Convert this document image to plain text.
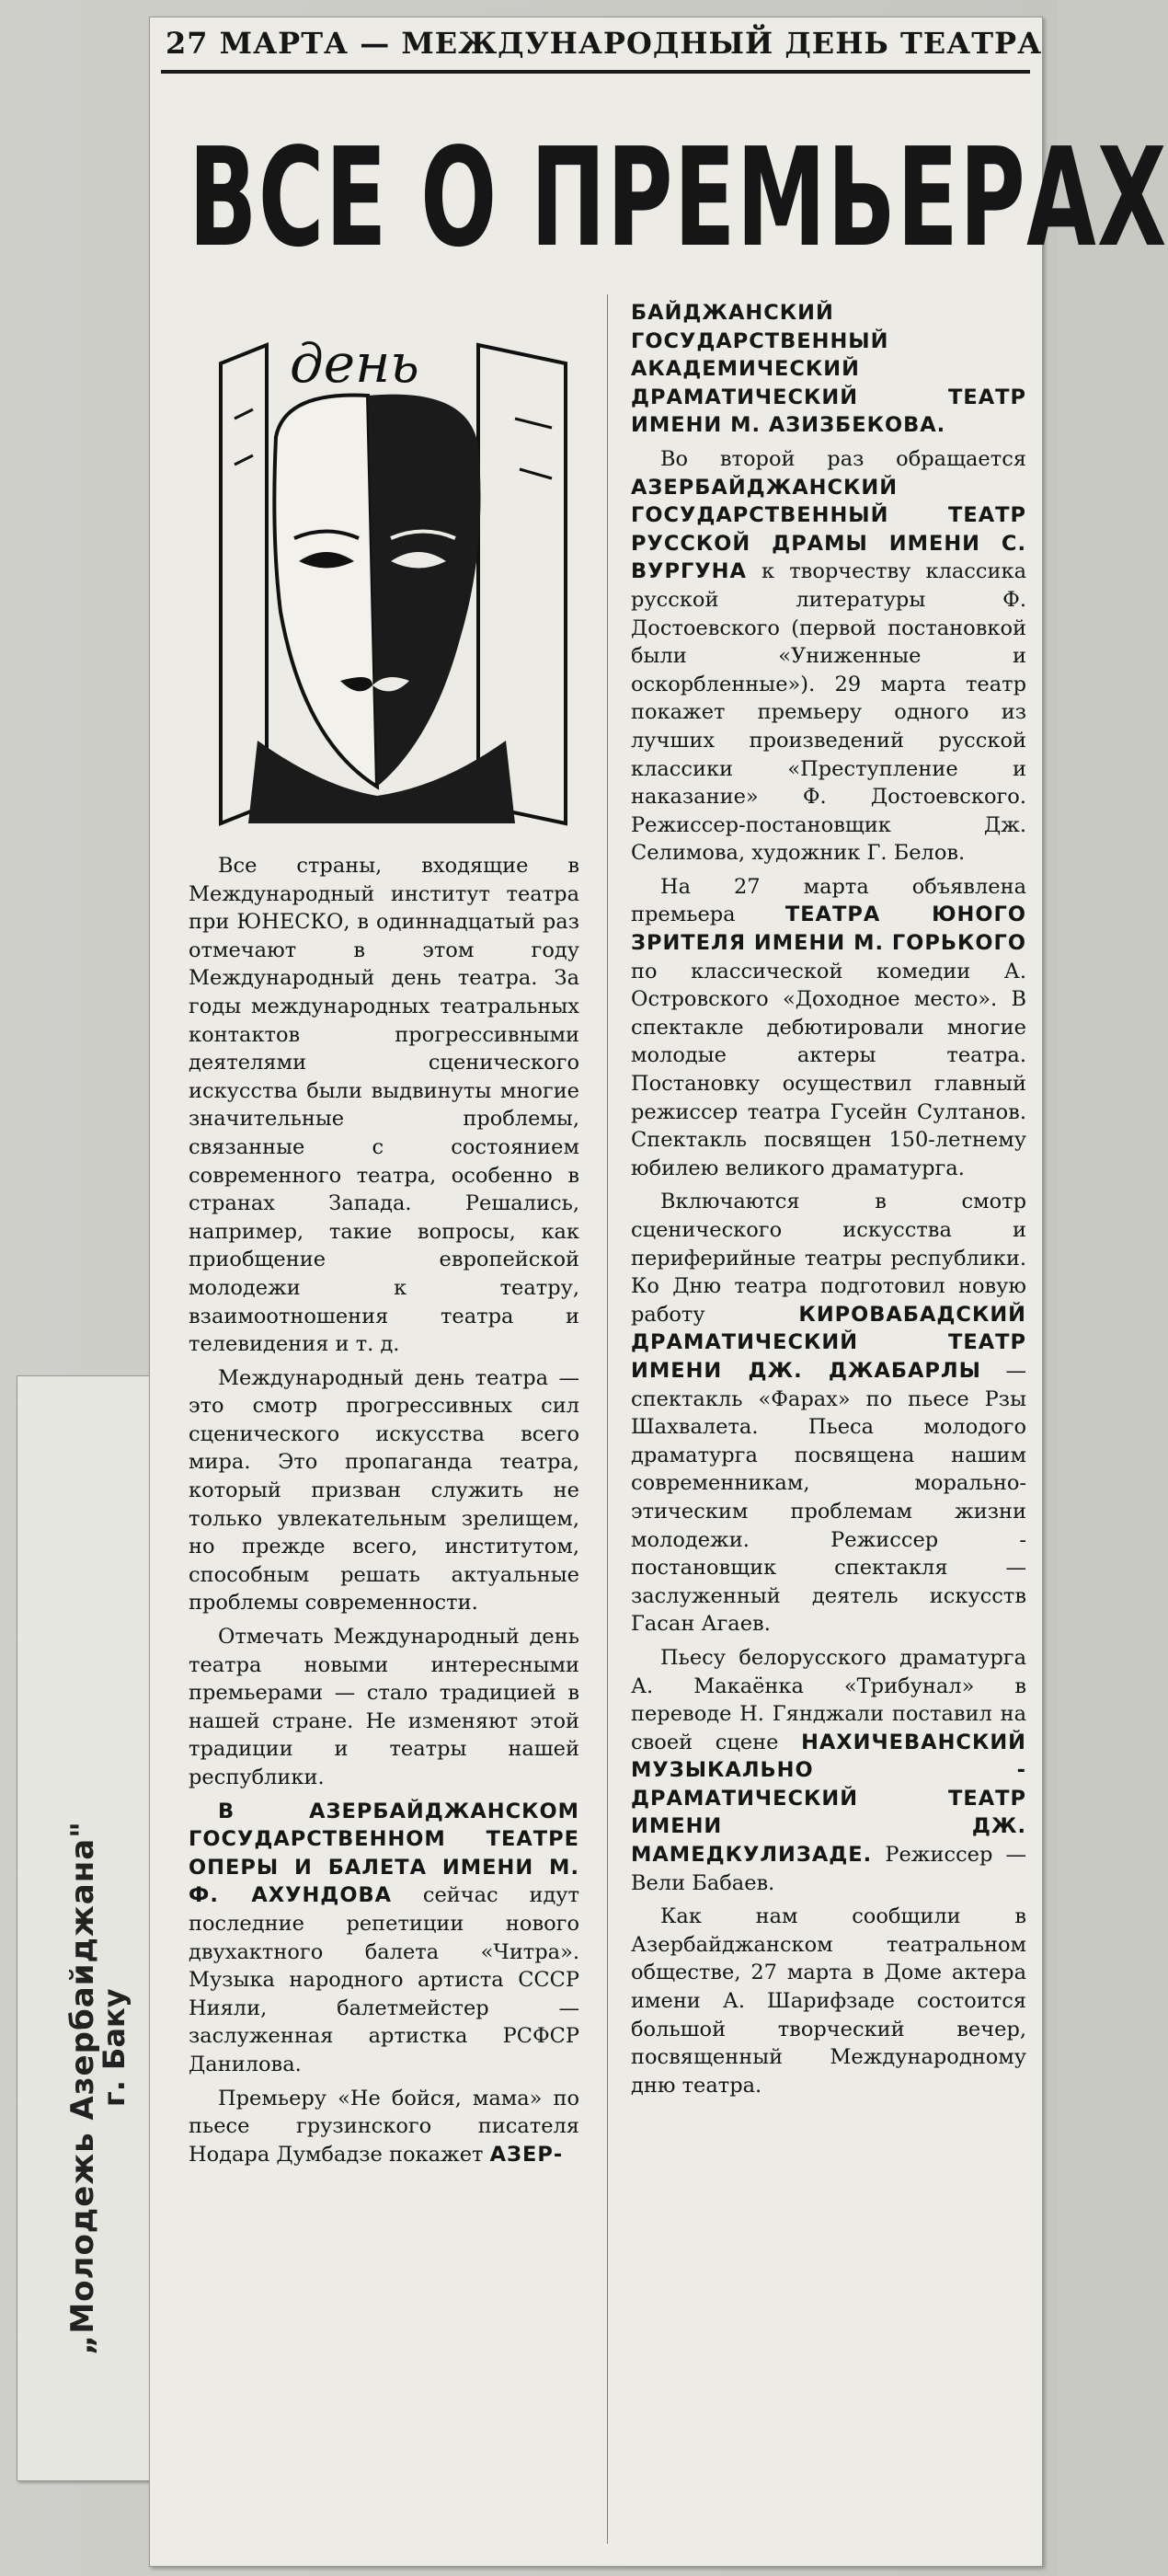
„Молодежь Азербайджана"
г. Баку
27 МАРТА — МЕЖДУНАРОДНЫЙ ДЕНЬ ТЕАТРА
ВСЕ О ПРЕМЬЕРАХ
день

Все страны, входящие в Международный институт театра при ЮНЕСКО, в одиннадцатый раз отмечают в этом году Международный день театра. За годы международных театральных контактов прогрессивными деятелями сценического искусства были выдвинуты многие значительные проблемы, связанные с состоянием современного театра, особенно в странах Запада. Решались, например, такие вопросы, как приобщение европейской молодежи к театру, взаимоотношения театра и телевидения и т. д.

Международный день театра — это смотр прогрессивных сил сценического искусства всего мира. Это пропаганда театра, который призван служить не только увлекательным зрелищем, но прежде всего, институтом, способным решать актуальные проблемы современности.

Отмечать Международный день театра новыми интересными премьерами — стало традицией в нашей стране. Не изменяют этой традиции и театры нашей республики.

В АЗЕРБАЙДЖАНСКОМ ГОСУДАРСТВЕННОМ ТЕАТРЕ ОПЕРЫ И БАЛЕТА ИМЕНИ М. Ф. АХУНДОВА сейчас идут последние репетиции нового двухактного балета «Читра». Музыка народного артиста СССР Нияли, балетмейстер — заслуженная артистка РСФСР Данилова.

Премьеру «Не бойся, мама» по пьесе грузинского писателя Нодара Думбадзе покажет АЗЕР-

БАЙДЖАНСКИЙ ГОСУДАРСТВЕННЫЙ АКАДЕМИЧЕСКИЙ ДРАМАТИЧЕСКИЙ ТЕАТР ИМЕНИ М. АЗИЗБЕКОВА.

Во второй раз обращается АЗЕРБАЙДЖАНСКИЙ ГОСУДАРСТВЕННЫЙ ТЕАТР РУССКОЙ ДРАМЫ ИМЕНИ С. ВУРГУНА к творчеству классика русской литературы Ф. Достоевского (первой постановкой были «Униженные и оскорбленные»). 29 марта театр покажет премьеру одного из лучших произведений русской классики «Преступление и наказание» Ф. Достоевского. Режиссер-постановщик Дж. Селимова, художник Г. Белов.

На 27 марта объявлена премьера ТЕАТРА ЮНОГО ЗРИТЕЛЯ ИМЕНИ М. ГОРЬКОГО по классической комедии А. Островского «Доходное место». В спектакле дебютировали многие молодые актеры театра. Постановку осуществил главный режиссер театра Гусейн Султанов. Спектакль посвящен 150-летнему юбилею великого драматурга.

Включаются в смотр сценического искусства и периферийные театры республики. Ко Дню театра подготовил новую работу КИРОВАБАДСКИЙ ДРАМАТИЧЕСКИЙ ТЕАТР ИМЕНИ ДЖ. ДЖАБАРЛЫ — спектакль «Фарах» по пьесе Рзы Шахвалета. Пьеса молодого драматурга посвящена нашим современникам, морально-этическим проблемам жизни молодежи. Режиссер - постановщик спектакля — заслуженный деятель искусств Гасан Агаев.

Пьесу белорусского драматурга А. Макаёнка «Трибунал» в переводе Н. Гянджали поставил на своей сцене НАХИЧЕВАНСКИЙ МУЗЫКАЛЬНО - ДРАМАТИЧЕСКИЙ ТЕАТР ИМЕНИ ДЖ. МАМЕДКУЛИЗАДЕ. Режиссер — Вели Бабаев.

Как нам сообщили в Азербайджанском театральном обществе, 27 марта в Доме актера имени А. Шарифзаде состоится большой творческий вечер, посвященный Международному дню театра.
